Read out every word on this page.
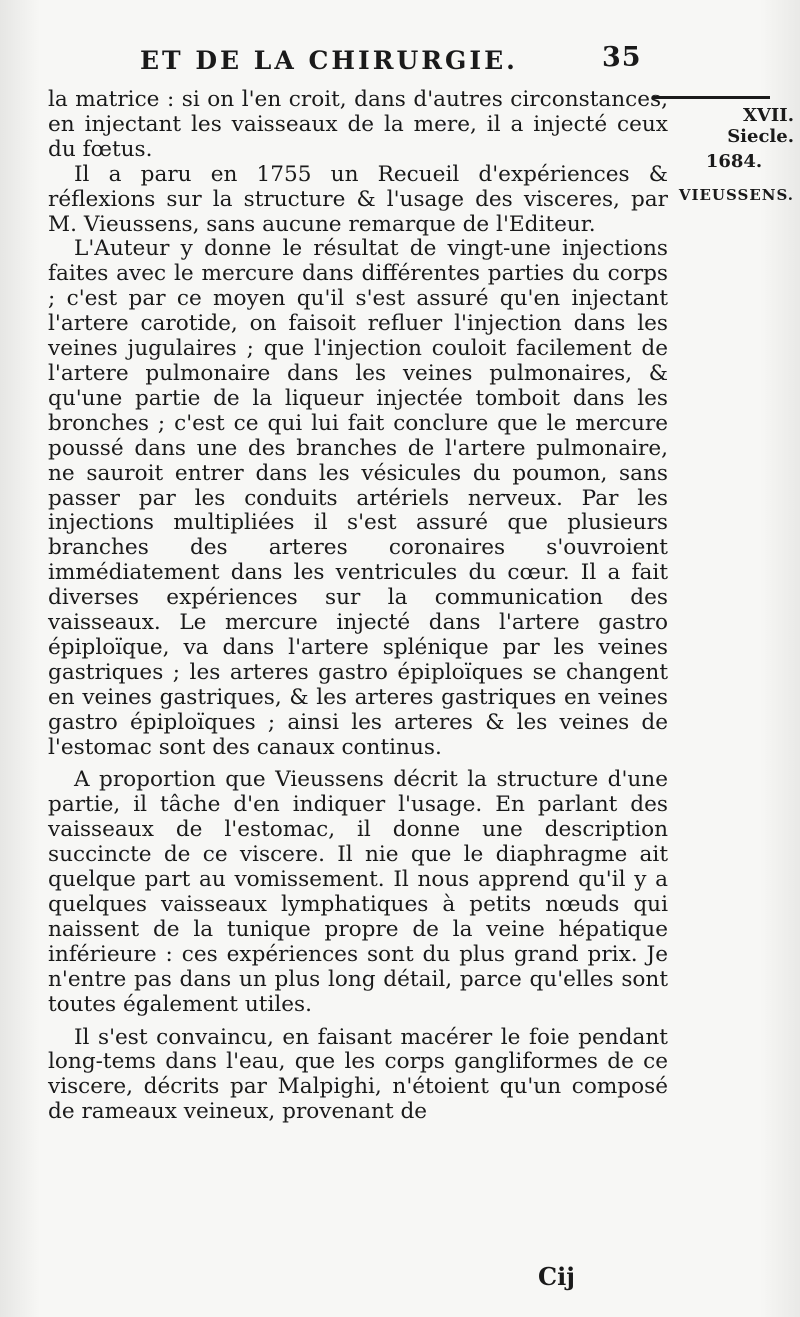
ET DE LA CHIRURGIE.	35
XVII. Siecle.
1684.
VIEUSSENS.

la matrice : si on l'en croit, dans d'autres circonstances, en injectant les vaisseaux de la mere, il a injecté ceux du fœtus.

Il a paru en 1755 un Recueil d'expériences & réflexions sur la structure & l'usage des visceres, par M. Vieussens, sans aucune remarque de l'Editeur.

L'Auteur y donne le résultat de vingt-une injections faites avec le mercure dans différentes parties du corps ; c'est par ce moyen qu'il s'est assuré qu'en injectant l'artere carotide, on faisoit refluer l'injection dans les veines jugulaires ; que l'injection couloit facilement de l'artere pulmonaire dans les veines pulmonaires, & qu'une partie de la liqueur injectée tomboit dans les bronches ; c'est ce qui lui fait conclure que le mercure poussé dans une des branches de l'artere pulmonaire, ne sauroit entrer dans les vésicules du poumon, sans passer par les conduits artériels nerveux. Par les injections multipliées il s'est assuré que plusieurs branches des arteres coronaires s'ouvroient immédiatement dans les ventricules du cœur. Il a fait diverses expériences sur la communication des vaisseaux. Le mercure injecté dans l'artere gastro épiploïque, va dans l'artere splénique par les veines gastriques ; les arteres gastro épiploïques se changent en veines gastriques, & les arteres gastriques en veines gastro épiploïques ; ainsi les arteres & les veines de l'estomac sont des canaux continus.

A proportion que Vieussens décrit la structure d'une partie, il tâche d'en indiquer l'usage. En parlant des vaisseaux de l'estomac, il donne une description succincte de ce viscere. Il nie que le diaphragme ait quelque part au vomissement. Il nous apprend qu'il y a quelques vaisseaux lymphatiques à petits nœuds qui naissent de la tunique propre de la veine hépatique inférieure : ces expériences sont du plus grand prix. Je n'entre pas dans un plus long détail, parce qu'elles sont toutes également utiles.

Il s'est convaincu, en faisant macérer le foie pendant long-tems dans l'eau, que les corps gangliformes de ce viscere, décrits par Malpighi, n'étoient qu'un composé de rameaux veineux, provenant de

Cij
